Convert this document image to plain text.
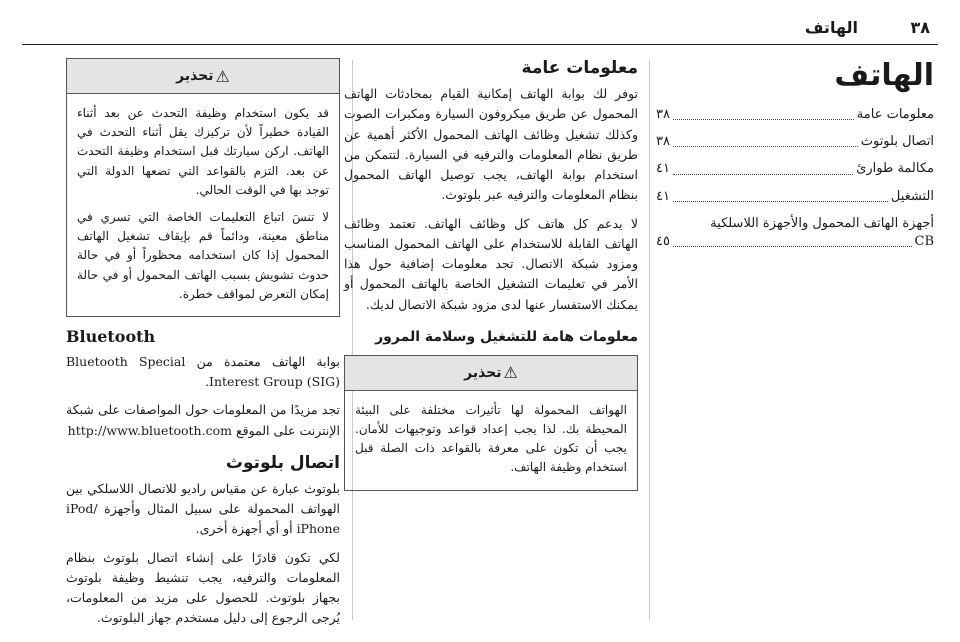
٣٨
الهاتف
الهاتف
معلومات عامة
٣٨
اتصال بلوتوث
٣٨
مكالمة طوارئ
٤١
التشغيل
٤١
أجهزة الهاتف المحمول والأجهزة اللاسلكية
CB
٤٥
معلومات عامة

توفر لك بوابة الهاتف إمكانية القيام بمحادثات الهاتف المحمول عن طريق ميكروفون السيارة ومكبرات الصوت وكذلك تشغيل وظائف الهاتف المحمول الأكثر أهمية عن طريق نظام المعلومات والترفيه في السيارة. لتتمكن من استخدام بوابة الهاتف، يجب توصيل الهاتف المحمول بنظام المعلومات والترفيه عبر بلوتوث.

لا يدعم كل هاتف كل وظائف الهاتف. تعتمد وظائف الهاتف القابلة للاستخدام على الهاتف المحمول المناسب ومزود شبكة الاتصال. تجد معلومات إضافية حول هذا الأمر في تعليمات التشغيل الخاصة بالهاتف المحمول أو يمكنك الاستفسار عنها لدى مزود شبكة الاتصال لديك.

معلومات هامة للتشغيل وسلامة المرور
⚠
تحذير

الهواتف المحمولة لها تأثيرات مختلفة على البيئة المحيطة بك. لذا يجب إعداد قواعد وتوجيهات للأمان. يجب أن تكون على معرفة بالقواعد ذات الصلة قبل استخدام وظيفة الهاتف.

⚠
تحذير

قد يكون استخدام وظيفة التحدث عن بعد أثناء القيادة خطيراً لأن تركيزك يقل أثناء التحدث في الهاتف. اركن سيارتك قبل استخدام وظيفة التحدث عن بعد. التزم بالقواعد التي تضعها الدولة التي توجد بها في الوقت الحالي.

لا تنسَ اتباع التعليمات الخاصة التي تسري في مناطق معينة، ودائماً قم بإيقاف تشغيل الهاتف المحمول إذا كان استخدامه محظوراً أو في حالة حدوث تشويش بسبب الهاتف المحمول أو في حالة إمكان التعرض لمواقف خطرة.

Bluetooth

بوابة الهاتف معتمدة من Bluetooth Special Interest Group (SIG).

تجد مزيدًا من المعلومات حول المواصفات على شبكة الإنترنت على الموقع http://www.bluetooth.com

اتصال بلوتوث

بلوتوث عبارة عن مقياس راديو للاتصال اللاسلكي بين الهواتف المحمولة على سبيل المثال وأجهزة iPod/ iPhone أو أي أجهزة أخرى.

لكي تكون قادرًا على إنشاء اتصال بلوتوث بنظام المعلومات والترفيه، يجب تنشيط وظيفة بلوتوث بجهاز بلوتوث. للحصول على مزيد من المعلومات، يُرجى الرجوع إلى دليل مستخدم جهاز البلوتوث.
